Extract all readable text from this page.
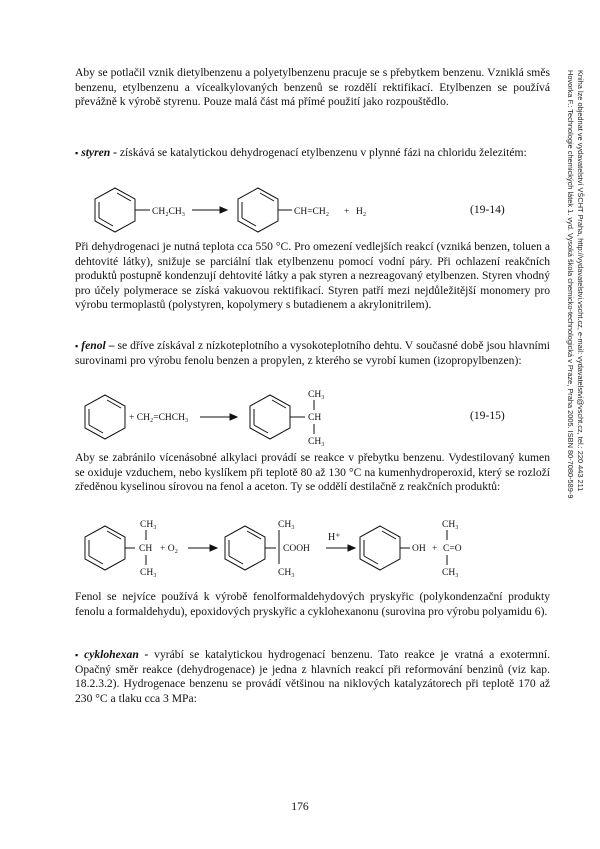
Hovorka F.: Technologie chemických látek 1. vyd. Vysoká škola chemicko-technologická v Praze, Praha 2005. ISBN 80-7080-589-9 Kniha lze objednat ve vydavatelství VŠCHT Praha, http://vydavatelstvi.vscht.cz, e-mail: vydavatelstvi@vscht.cz, tel.: 220 443 211

Aby se potlačil vznik dietylbenzenu a polyetylbenzenu pracuje se s přebytkem benzenu. Vzniklá směs benzenu, etylbenzenu a vícealkylovaných benzenů se rozdělí rektifikací. Etylbenzen se používá převážně k výrobě styrenu. Pouze malá část má přímé použití jako rozpouštědlo.

▪ styren - získává se katalytickou dehydrogenací etylbenzenu v plynné fázi na chloridu železitém:

CH₂CH₃	CH=CH₂ + H₂	(19-14)

Při dehydrogenaci je nutná teplota cca 550 °C. Pro omezení vedlejších reakcí (vzniká benzen, toluen a dehtovité látky), snižuje se parciální tlak etylbenzenu pomocí vodní páry. Při ochlazení reakčních produktů postupně kondenzují dehtovité látky a pak styren a nezreagovaný etylbenzen. Styren vhodný pro účely polymerace se získá vakuovou rektifikací. Styren patří mezi nejdůležitější monomery pro výrobu termoplastů (polystyren, kopolymery s butadienem a akrylonitrilem).

▪ fenol – se dříve získával z nízkoteplotního a vysokoteplotního dehtu. V současné době jsou hlavními surovinami pro výrobu fenolu benzen a propylen, z kterého se vyrobí kumen (izopropylbenzen):

+ CH₂=CHCH₃
CH₃
CH
CH₃
(19-15)

Aby se zabránilo vícenásobné alkylaci provádí se reakce v přebytku benzenu. Vydestilovaný kumen se oxiduje vzduchem, nebo kyslíkem při teplotě 80 až 130 °C na kumenhydroperoxid, který se rozloží zředěnou kyselinou sírovou na fenol a aceton. Ty se oddělí destilačně z reakčních produktů:

CH₃
CH + O₂
CH₃
CH₃
COOH
CH₃
H⁺
OH +
CH₃
C=O
CH₃

Fenol se nejvíce používá k výrobě fenolformaldehydových pryskyřic (polykondenzační produkty fenolu a formaldehydu), epoxidových pryskyřic a cyklohexanonu (surovina pro výrobu polyamidu 6).

▪ cyklohexan - vyrábí se katalytickou hydrogenací benzenu. Tato reakce je vratná a exotermní. Opačný směr reakce (dehydrogenace) je jedna z hlavních reakcí při reformování benzinů (viz kap. 18.2.3.2). Hydrogenace benzenu se provádí většinou na niklových katalyzátorech při teplotě 170 až 230 °C a tlaku cca 3 MPa:

176
